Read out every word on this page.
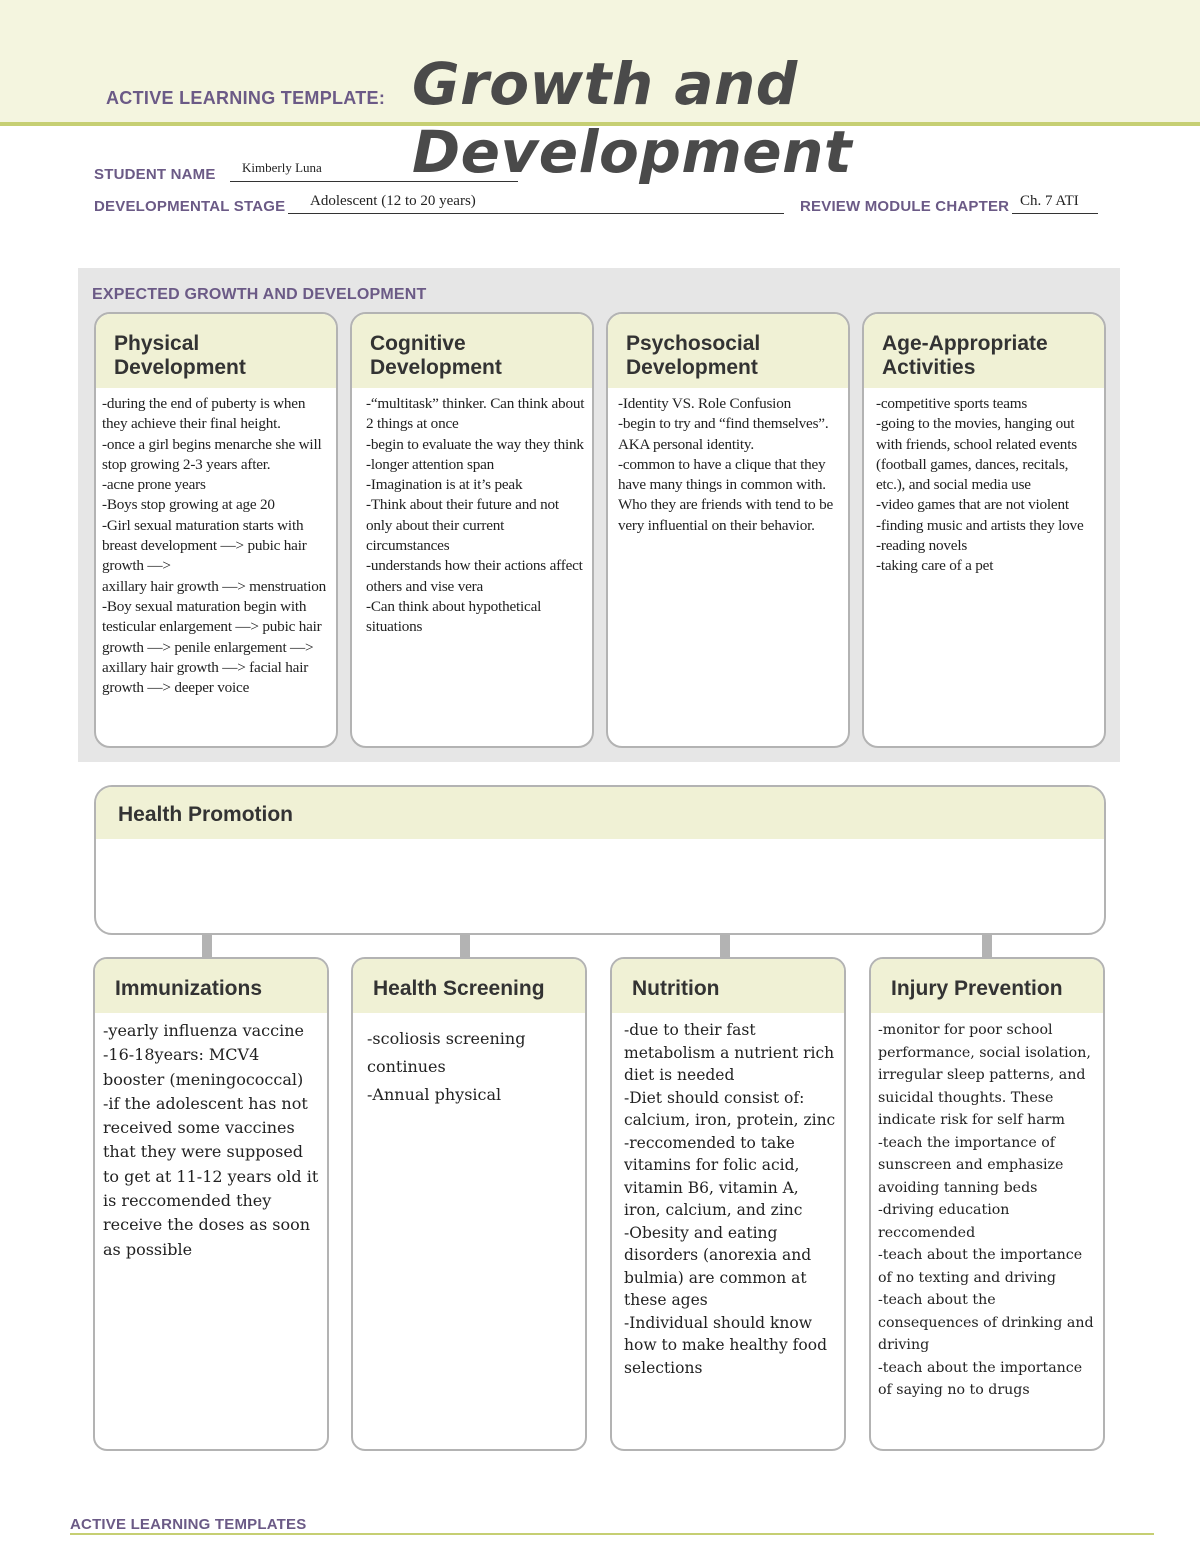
ACTIVE LEARNING TEMPLATE: Growth and Development
STUDENT NAME	Kimberly Luna
DEVELOPMENTAL STAGE	Adolescent (12 to 20 years)	REVIEW MODULE CHAPTER Ch. 7 ATI
EXPECTED GROWTH AND DEVELOPMENT
Physical
Development
-during the end of puberty is when they achieve their final height.
-once a girl begins menarche she will stop growing 2-3 years after.
-acne prone years
-Boys stop growing at age 20
-Girl sexual maturation starts with breast development —> pubic hair growth —>
axillary hair growth —> menstruation
-Boy sexual maturation begin with testicular enlargement —> pubic hair growth —> penile enlargement —> axillary hair growth —> facial hair growth —> deeper voice
Cognitive
Development
-“multitask” thinker. Can think about 2 things at once
-begin to evaluate the way they think
-longer attention span
-Imagination is at it’s peak
-Think about their future and not only about their current circumstances
-understands how their actions affect others and vise vera
-Can think about hypothetical situations
Psychosocial
Development
-Identity VS. Role Confusion
-begin to try and “find themselves”. AKA personal identity.
-common to have a clique that they have many things in common with. Who they are friends with tend to be very influential on their behavior.
Age-Appropriate
Activities
-competitive sports teams
-going to the movies, hanging out with friends, school related events (football games, dances, recitals, etc.), and social media use
-video games that are not violent
-finding music and artists they love
-reading novels
-taking care of a pet
Health Promotion
Immunizations
-yearly influenza vaccine
-16-18years: MCV4 booster (meningococcal)
-if the adolescent has not received some vaccines that they were supposed to get at 11-12 years old it is reccomended they receive the doses as soon as possible
Health Screening
-scoliosis screening continues
-Annual physical
Nutrition
-due to their fast metabolism a nutrient rich diet is needed
-Diet should consist of: calcium, iron, protein, zinc
-reccomended to take vitamins for folic acid, vitamin B6, vitamin A, iron, calcium, and zinc
-Obesity and eating disorders (anorexia and bulmia) are common at these ages
-Individual should know how to make healthy food selections
Injury Prevention
-monitor for poor school performance, social isolation, irregular sleep patterns, and suicidal thoughts. These indicate risk for self harm
-teach the importance of sunscreen and emphasize avoiding tanning beds
-driving education reccomended
-teach about the importance of no texting and driving
-teach about the consequences of drinking and driving
-teach about the importance of saying no to drugs
ACTIVE LEARNING TEMPLATES
